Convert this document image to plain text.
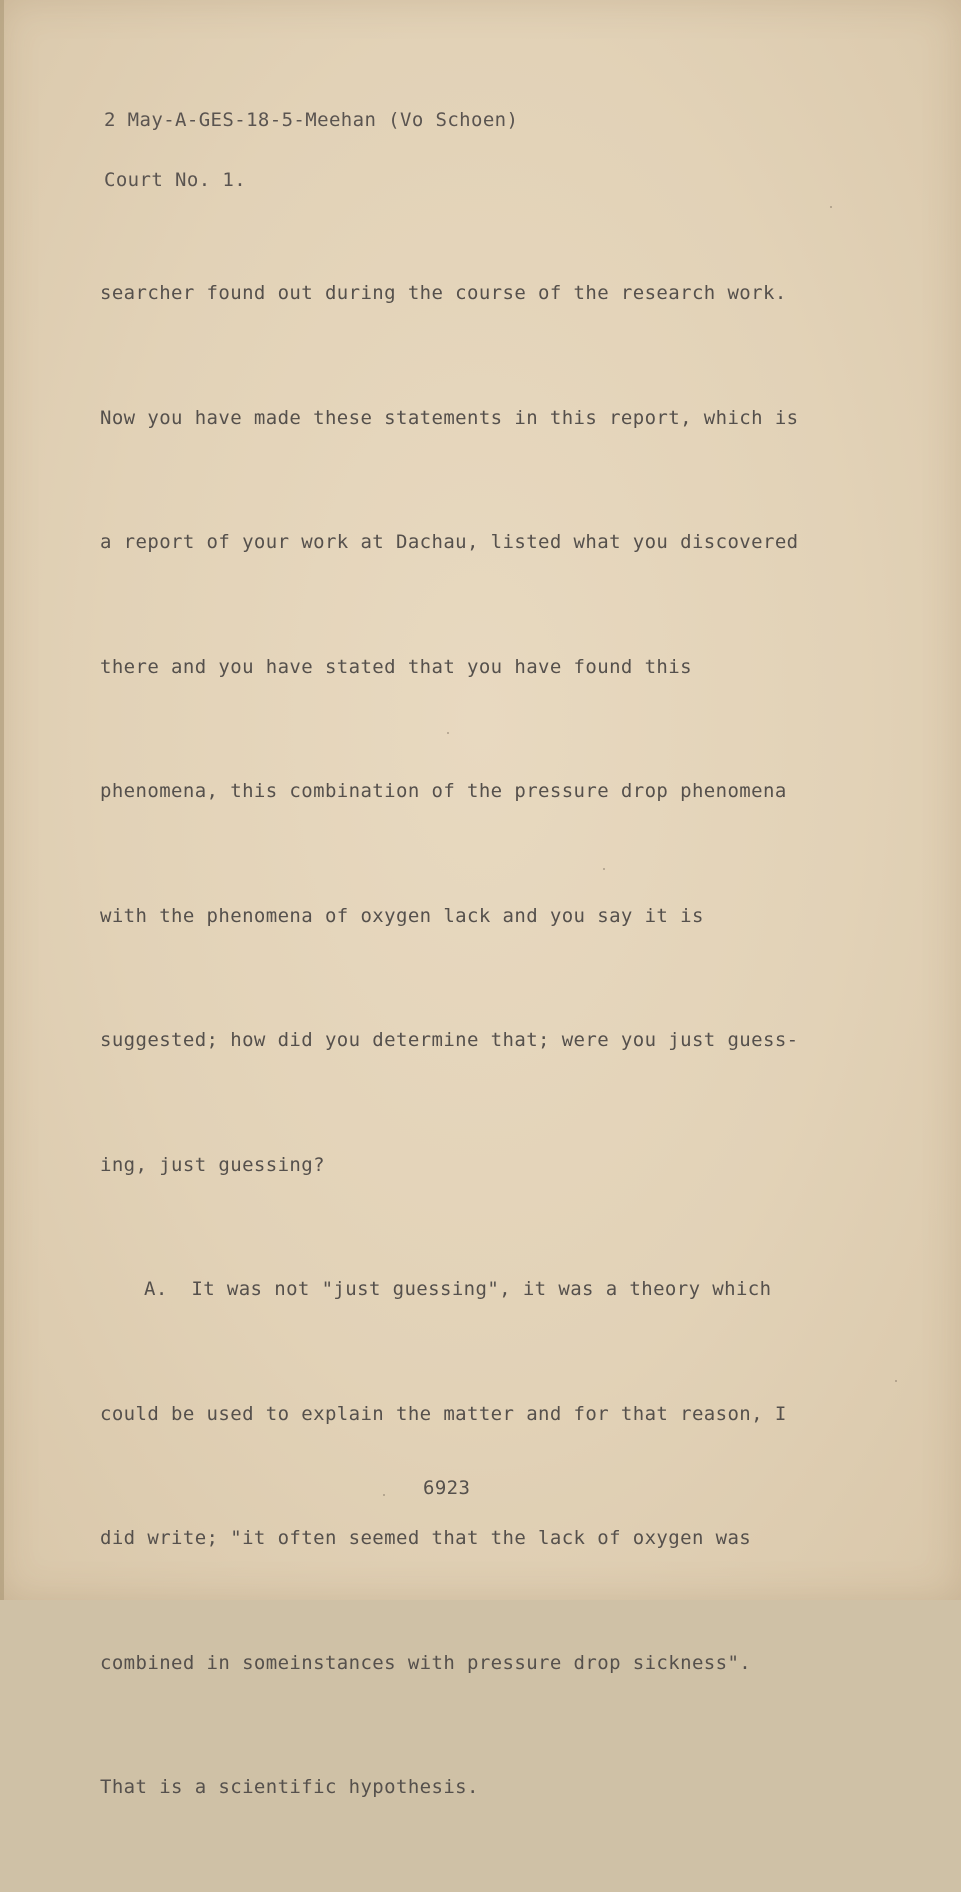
2 May-A-GES-18-5-Meehan (Vo Schoen)

Court No. 1.

searcher found out during the course of the research work.

Now you have made these statements in this report, which is

a report of your work at Dachau, listed what you discovered

there and you have stated that you have found this

phenomena, this combination of the pressure drop phenomena

with the phenomena of oxygen lack and you say it is

suggested; how did you determine that; were you just guess-

ing, just guessing?

A.  It was not "just guessing", it was a theory which

could be used to explain the matter and for that reason, I

did write; "it often seemed that the lack of oxygen was

combined in someinstances with pressure drop sickness".

That is a scientific hypothesis.

6923
